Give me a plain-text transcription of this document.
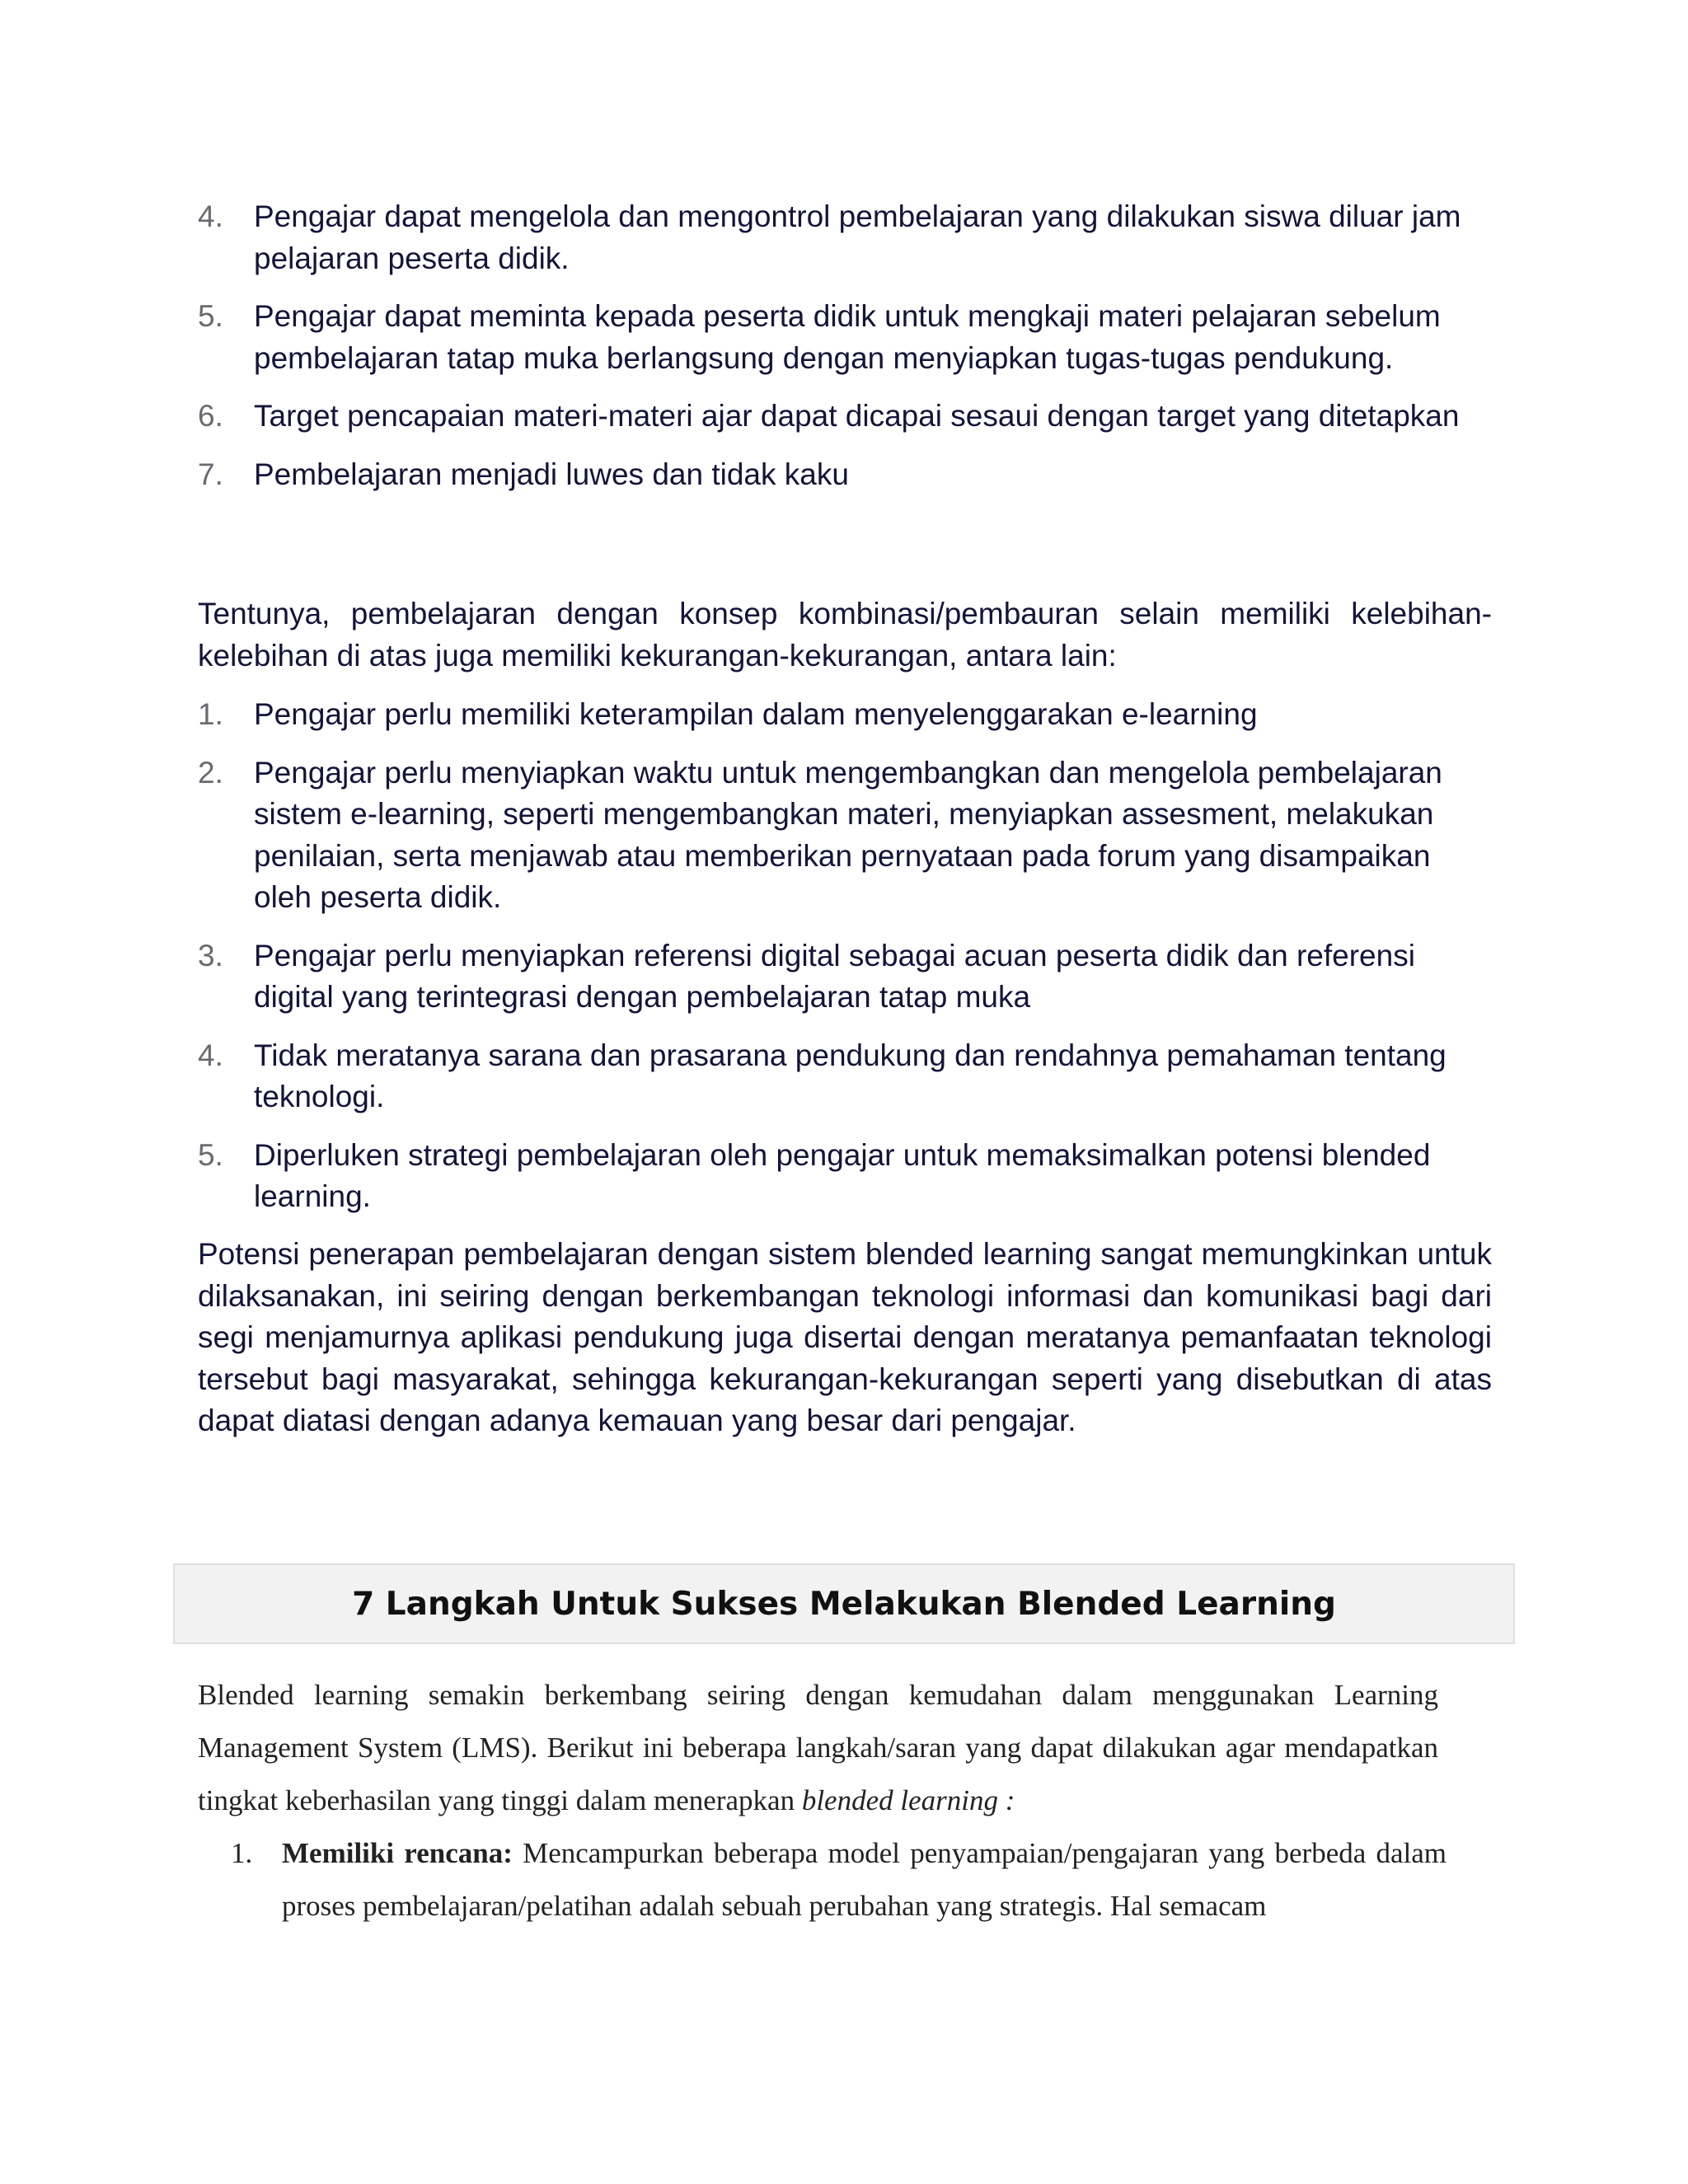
4. Pengajar dapat mengelola dan mengontrol pembelajaran yang dilakukan siswa diluar jam pelajaran peserta didik.
5. Pengajar dapat meminta kepada peserta didik untuk mengkaji materi pelajaran sebelum pembelajaran tatap muka berlangsung dengan menyiapkan tugas-tugas pendukung.
6. Target pencapaian materi-materi ajar dapat dicapai sesaui dengan target yang ditetapkan
7. Pembelajaran menjadi luwes dan tidak kaku

Tentunya, pembelajaran dengan konsep kombinasi/pembauran selain memiliki kelebihan-kelebihan di atas juga memiliki kekurangan-kekurangan, antara lain:

1. Pengajar perlu memiliki keterampilan dalam menyelenggarakan e-learning
2. Pengajar perlu menyiapkan waktu untuk mengembangkan dan mengelola pembelajaran sistem e-learning, seperti mengembangkan materi, menyiapkan assesment, melakukan penilaian, serta menjawab atau memberikan pernyataan pada forum yang disampaikan oleh peserta didik.
3. Pengajar perlu menyiapkan referensi digital sebagai acuan peserta didik dan referensi digital yang terintegrasi dengan pembelajaran tatap muka
4. Tidak meratanya sarana dan prasarana pendukung dan rendahnya pemahaman tentang teknologi.
5. Diperluken strategi pembelajaran oleh pengajar untuk memaksimalkan potensi blended learning.

Potensi penerapan pembelajaran dengan sistem blended learning sangat memungkinkan untuk dilaksanakan, ini seiring dengan berkembangan teknologi informasi dan komunikasi bagi dari segi menjamurnya aplikasi pendukung juga disertai dengan meratanya pemanfaatan teknologi tersebut bagi masyarakat, sehingga kekurangan-kekurangan seperti yang disebutkan di atas dapat diatasi dengan adanya kemauan yang besar dari pengajar.

7 Langkah Untuk Sukses Melakukan Blended Learning

Blended learning semakin berkembang seiring dengan kemudahan dalam menggunakan Learning Management System (LMS). Berikut ini beberapa langkah/saran yang dapat dilakukan agar mendapatkan tingkat keberhasilan yang tinggi dalam menerapkan blended learning :

1. Memiliki rencana: Mencampurkan beberapa model penyampaian/pengajaran yang berbeda dalam proses pembelajaran/pelatihan adalah sebuah perubahan yang strategis. Hal semacam
